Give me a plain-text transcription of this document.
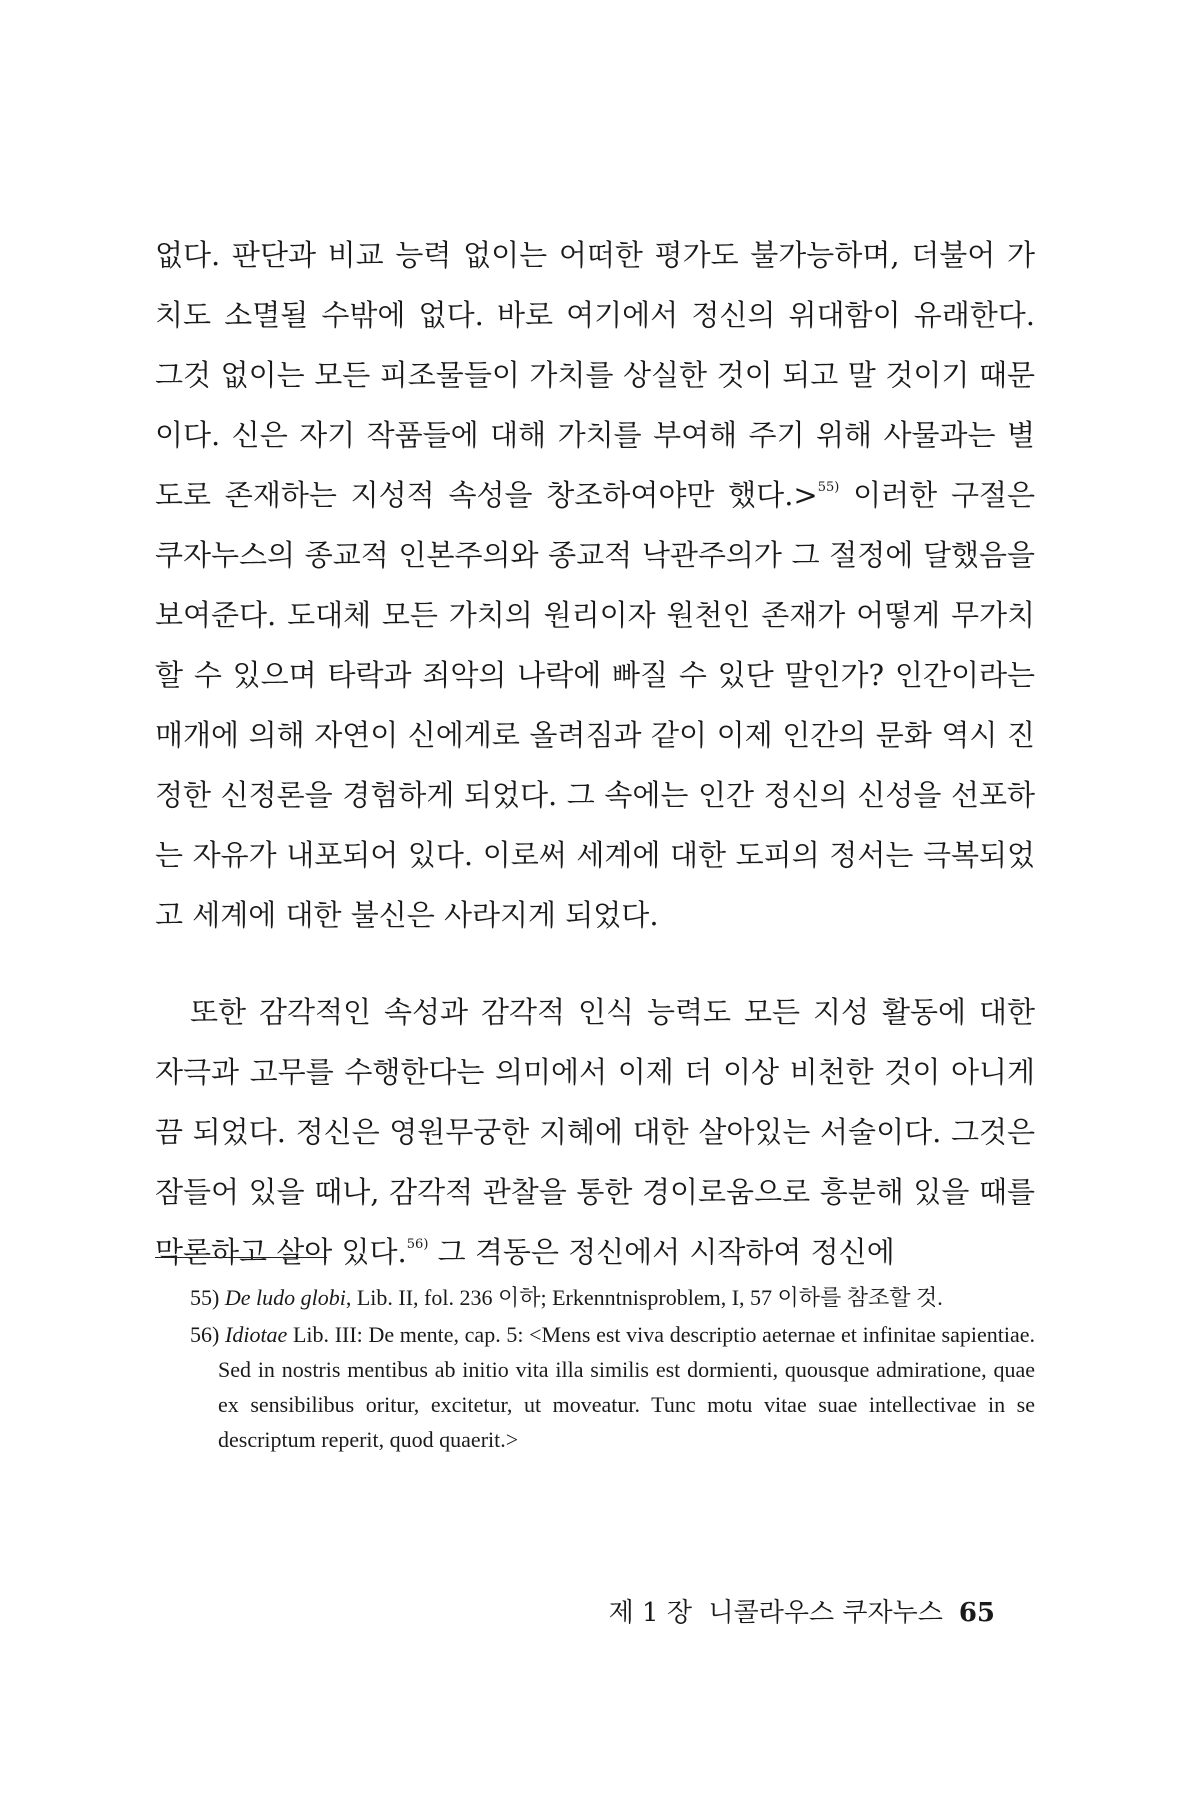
없다. 판단과 비교 능력 없이는 어떠한 평가도 불가능하며, 더불어 가치도 소멸될 수밖에 없다. 바로 여기에서 정신의 위대함이 유래한다. 그것 없이는 모든 피조물들이 가치를 상실한 것이 되고 말 것이기 때문이다. 신은 자기 작품들에 대해 가치를 부여해 주기 위해 사물과는 별도로 존재하는 지성적 속성을 창조하여야만 했다.>$^{55)}$ 이러한 구절은 쿠자누스의 종교적 인본주의와 종교적 낙관주의가 그 절정에 달했음을 보여준다. 도대체 모든 가치의 원리이자 원천인 존재가 어떻게 무가치할 수 있으며 타락과 죄악의 나락에 빠질 수 있단 말인가? 인간이라는 매개에 의해 자연이 신에게로 올려짐과 같이 이제 인간의 문화 역시 진정한 신정론을 경험하게 되었다. 그 속에는 인간 정신의 신성을 선포하는 자유가 내포되어 있다. 이로써 세계에 대한 도피의 정서는 극복되었고 세계에 대한 불신은 사라지게 되었다.

또한 감각적인 속성과 감각적 인식 능력도 모든 지성 활동에 대한 자극과 고무를 수행한다는 의미에서 이제 더 이상 비천한 것이 아니게끔 되었다. 정신은 영원무궁한 지혜에 대한 살아있는 서술이다. 그것은 잠들어 있을 때나, 감각적 관찰을 통한 경이로움으로 흥분해 있을 때를 막론하고 살아 있다.$^{56)}$ 그 격동은 정신에서 시작하여 정신에

55) De ludo globi, Lib. II, fol. 236 이하; Erkenntnisproblem, I, 57 이하를 참조할 것.

56) Idiotae Lib. III: De mente, cap. 5: <Mens est viva descriptio aeternae et infinitae sapientiae. Sed in nostris mentibus ab initio vita illa similis est dormienti, quousque admiratione, quae ex sensibilibus oritur, excitetur, ut moveatur. Tunc motu vitae suae intellectivae in se descriptum reperit, quod quaerit.>

제 1 장 니콜라우스 쿠자누스 65
